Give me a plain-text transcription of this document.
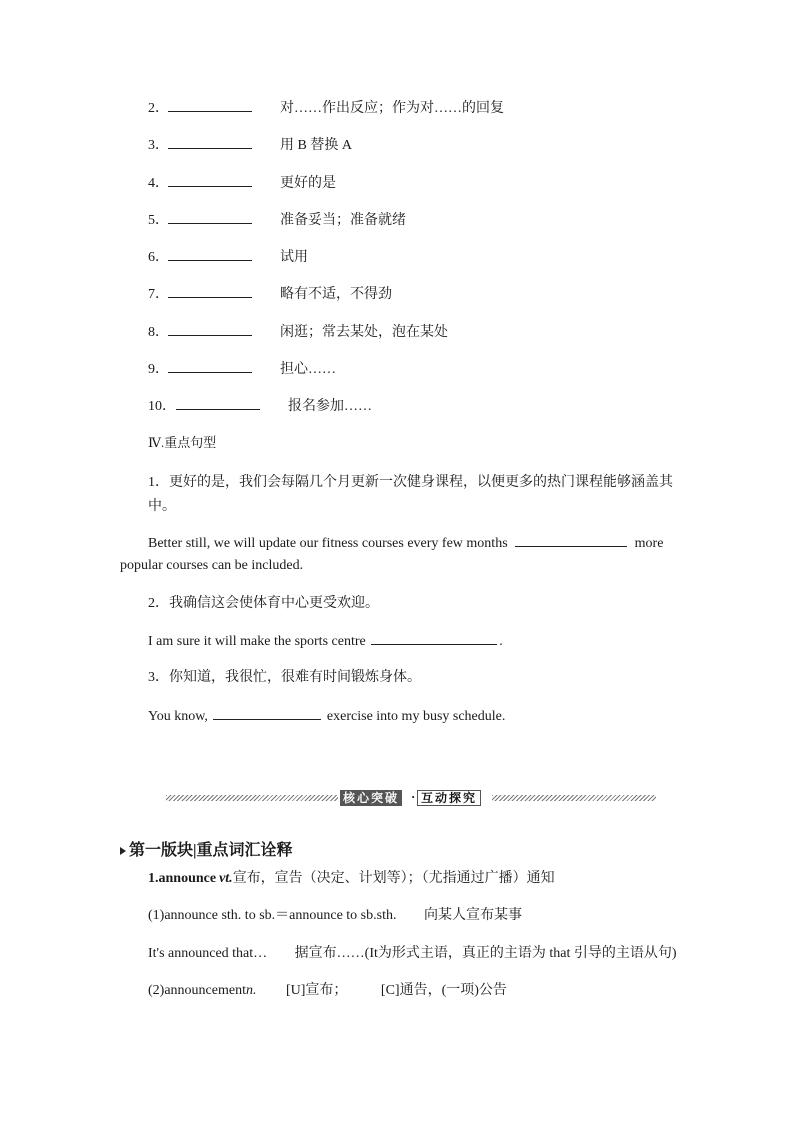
2．	对……作出反应；作为对……的回复
3．	用 B 替换 A
4．	更好的是
5．	准备妥当；准备就绪
6．	试用
7．	略有不适，不得劲
8．	闲逛；常去某处，泡在某处
9．	担心……
10．	报名参加……
Ⅳ.重点句型
1．更好的是，我们会每隔几个月更新一次健身课程，以便更多的热门课程能够涵盖其中。
Better still, we will update our fitness courses every few months	more
popular courses can be included.
2．我确信这会使体育中心更受欢迎。
I am sure it will make the sports centre	.
3．你知道，我很忙，很难有时间锻炼身体。
You know,	exercise into my busy schedule.
核心突破 · 互动探究
第一版块|重点词汇诠释
1.announce vt.宣布，宣告（决定、计划等）；（尤指通过广播）通知
(1)announce sth. to sb.＝announce to sb.sth. 向某人宣布某事
It's announced that… 据宣布……(It为形式主语，真正的主语为 that 引导的主语从句)
(2)announcementn. [U]宣布； [C]通告，(一项)公告
